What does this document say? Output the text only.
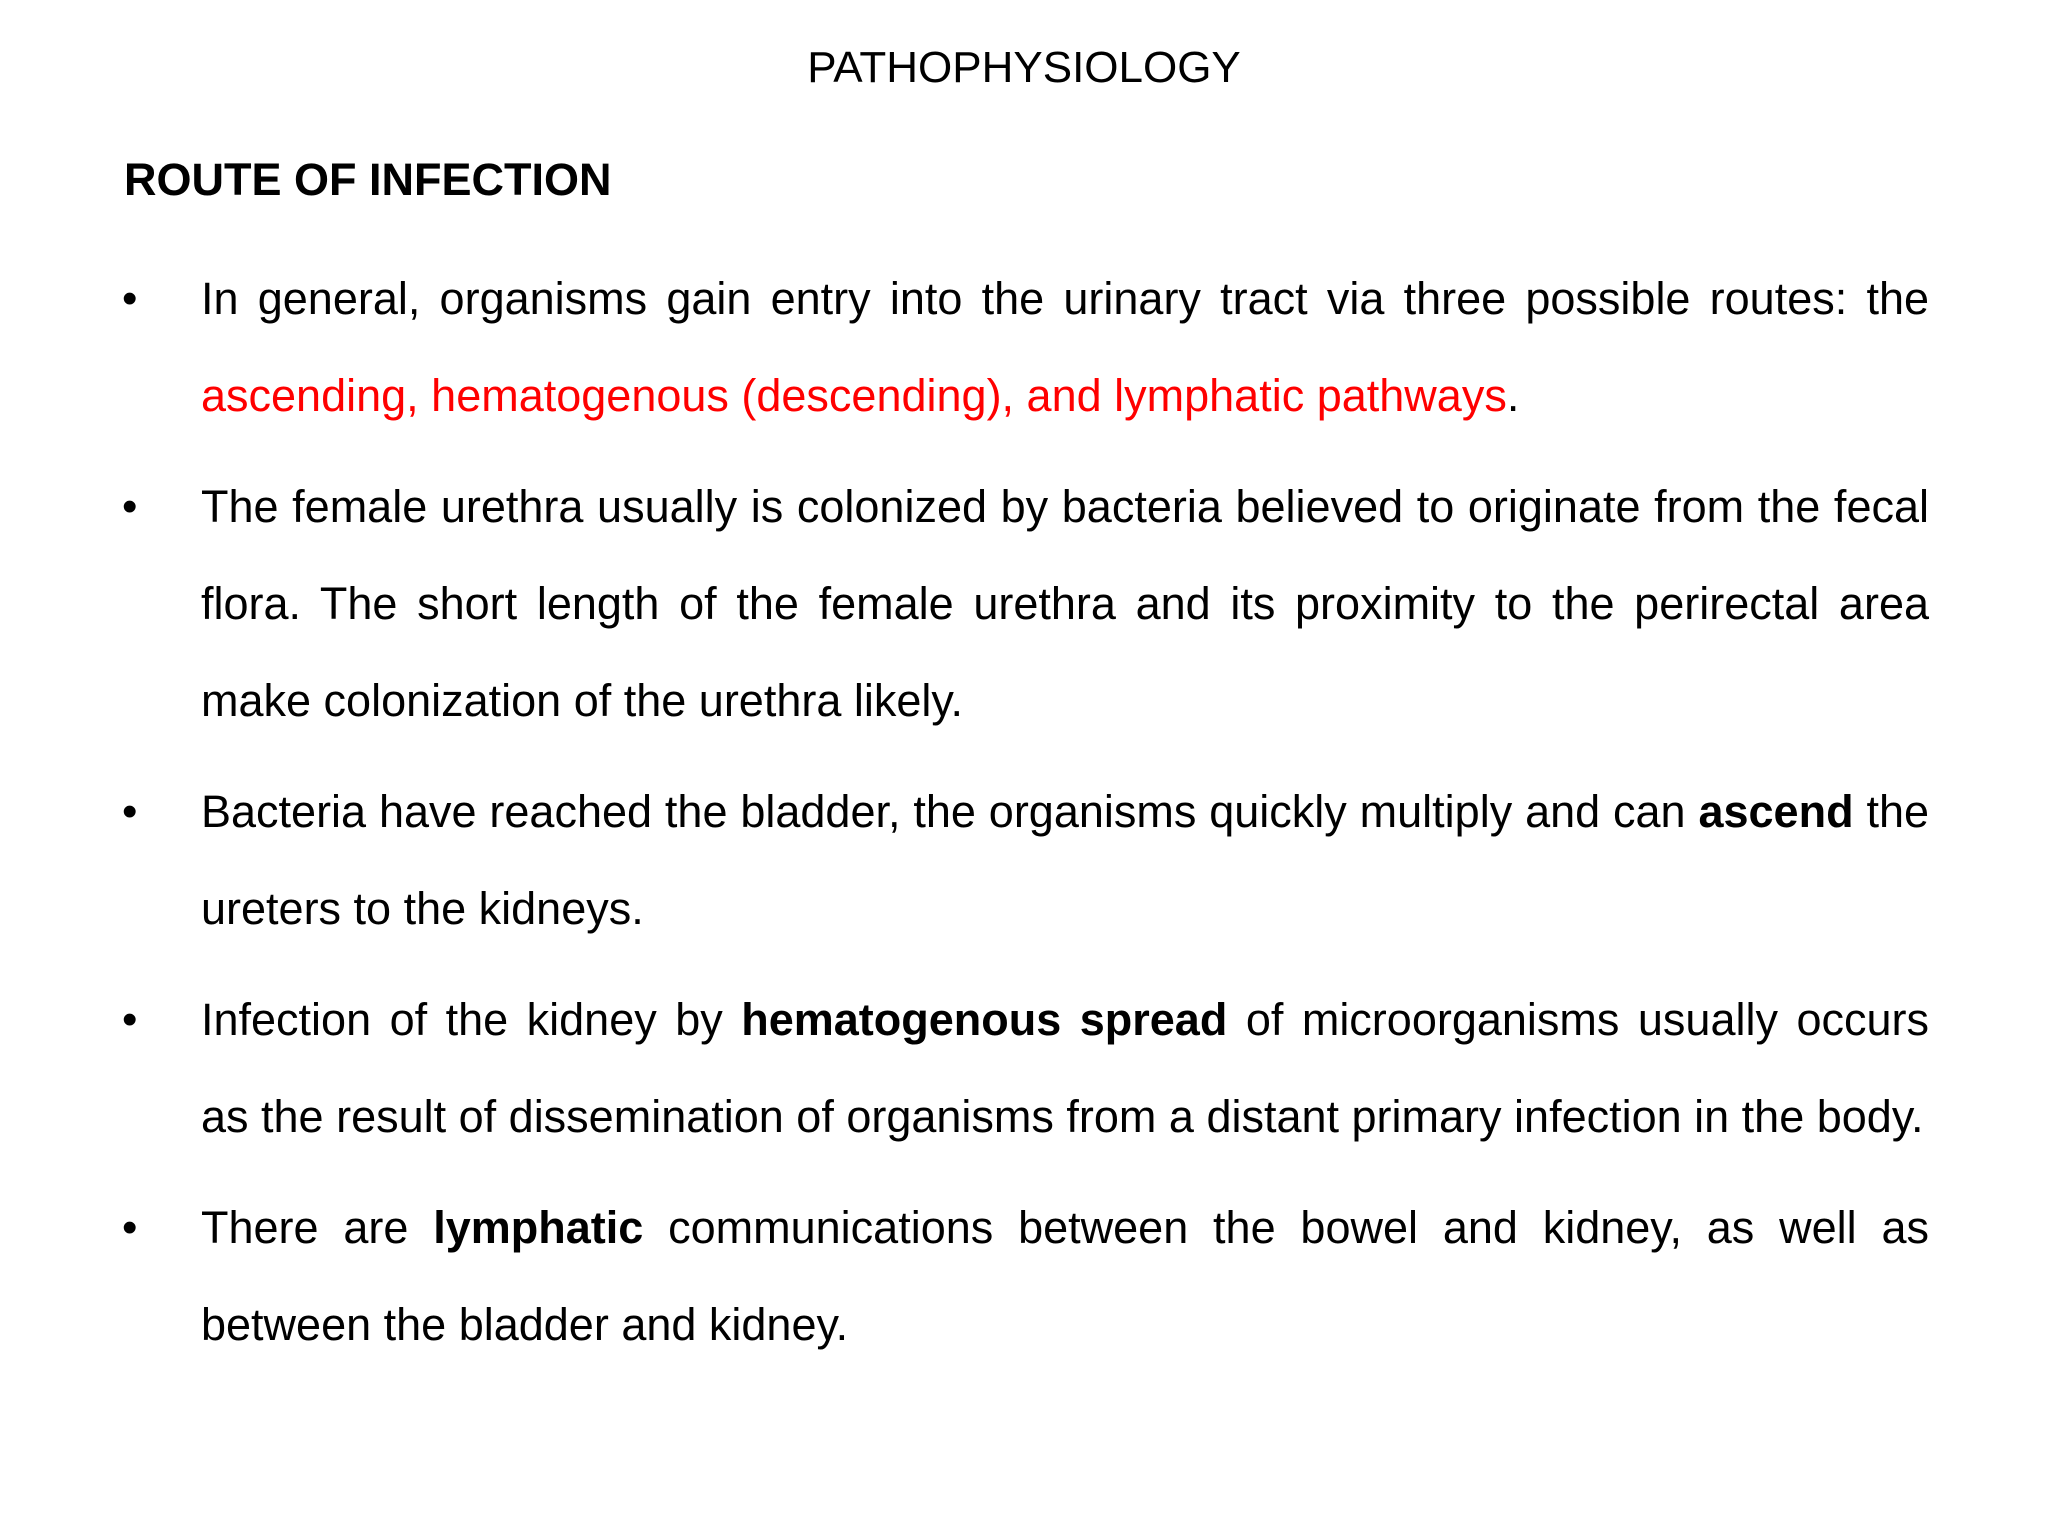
PATHOPHYSIOLOGY
ROUTE OF INFECTION
• In general, organisms gain entry into the urinary tract via three possible routes: the ascending, hematogenous (descending), and lymphatic pathways.
• The female urethra usually is colonized by bacteria believed to originate from the fecal flora. The short length of the female urethra and its proximity to the perirectal area make colonization of the urethra likely.
• Bacteria have reached the bladder, the organisms quickly multiply and can ascend the ureters to the kidneys.
• Infection of the kidney by hematogenous spread of microorganisms usually occurs as the result of dissemination of organisms from a distant primary infection in the body.
• There are lymphatic communications between the bowel and kidney, as well as between the bladder and kidney.
